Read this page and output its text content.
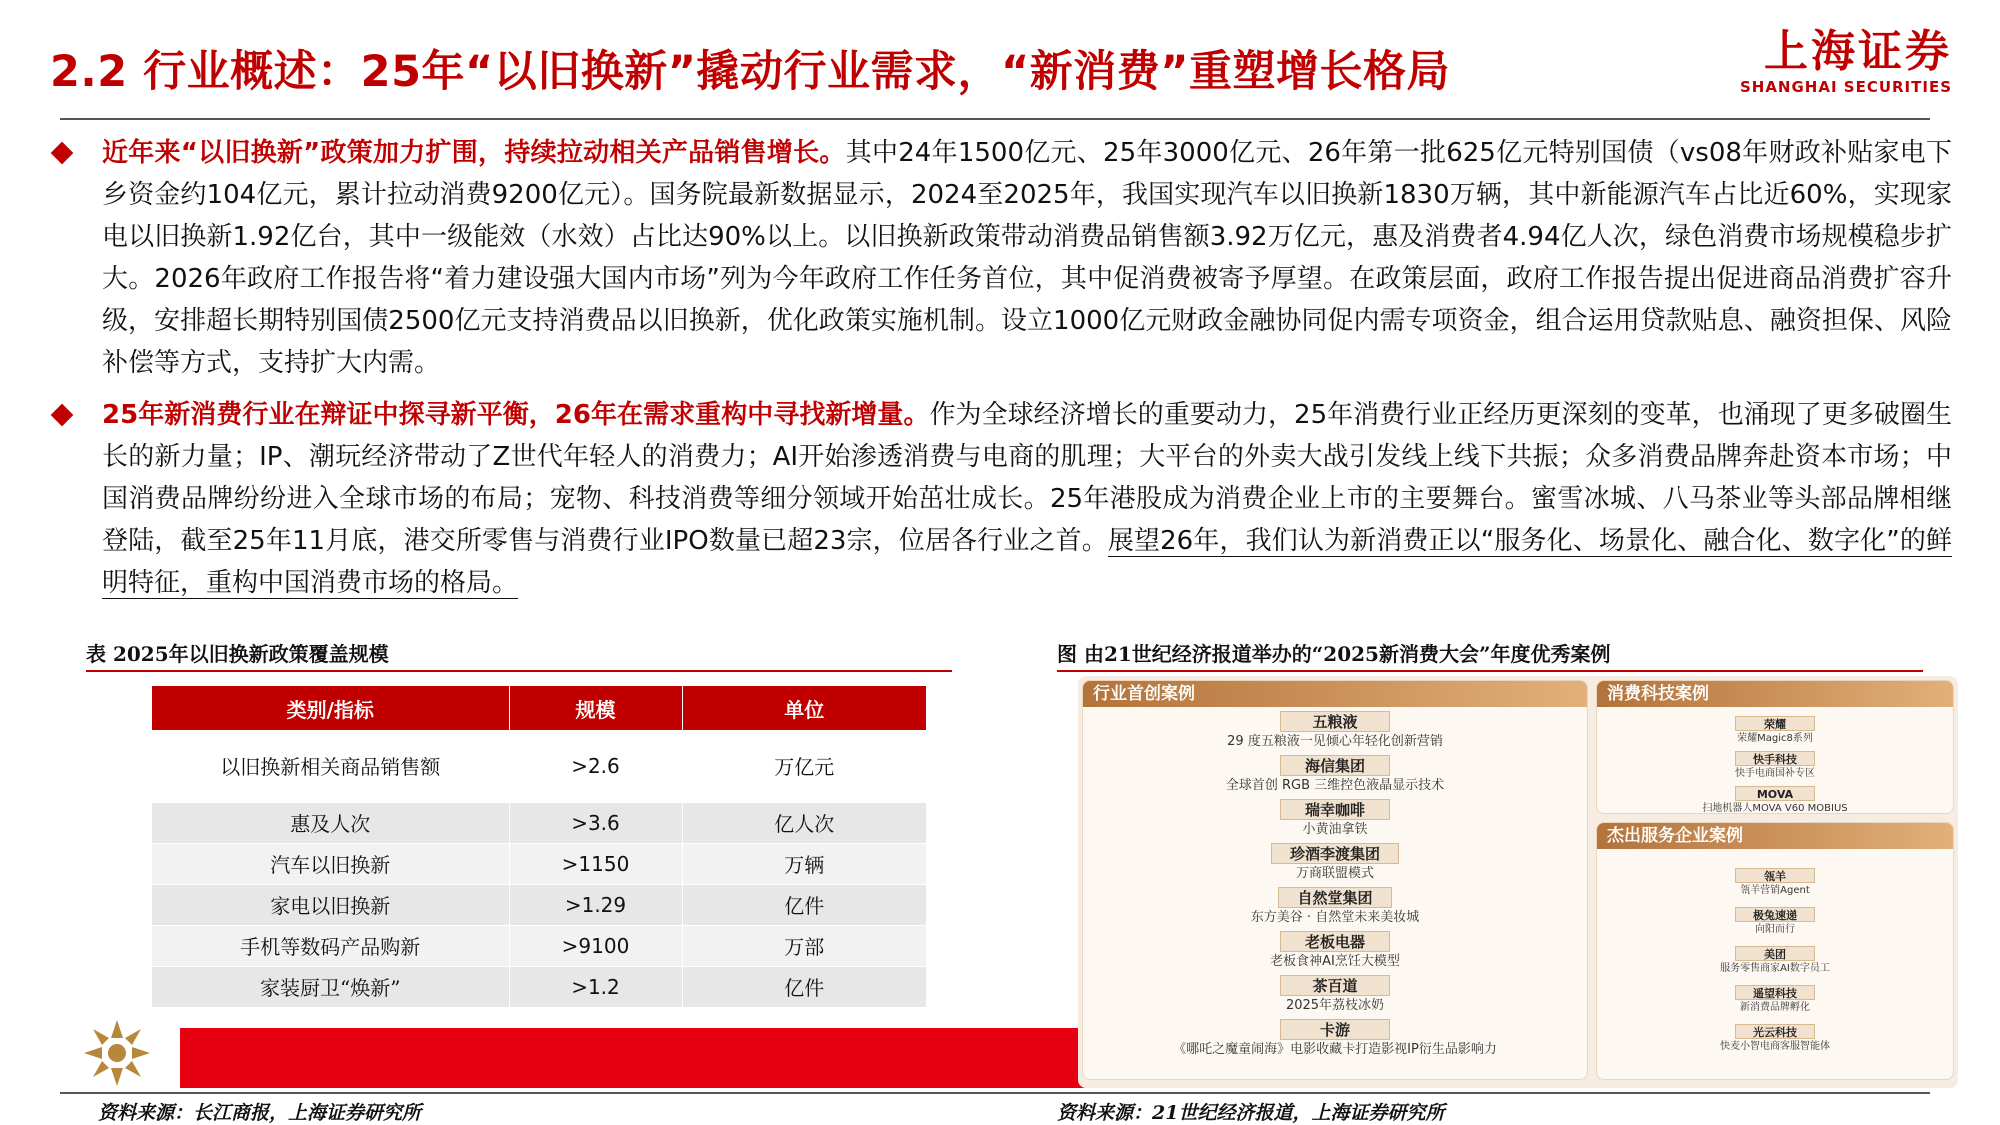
2.2 行业概述：25年“以旧换新”撬动行业需求，“新消费”重塑增长格局	上海证券
SHANGHAI SECURITIES
近年来“以旧换新”政策加力扩围，持续拉动相关产品销售增长。其中24年1500亿元、25年3000亿元、26年第一批625亿元特别国债（vs08年财政补贴家电下乡资金约104亿元，累计拉动消费9200亿元）。国务院最新数据显示，2024至2025年，我国实现汽车以旧换新1830万辆，其中新能源汽车占比近60%，实现家电以旧换新1.92亿台，其中一级能效（水效）占比达90%以上。以旧换新政策带动消费品销售额3.92万亿元，惠及消费者4.94亿人次，绿色消费市场规模稳步扩大。2026年政府工作报告将“着力建设强大国内市场”列为今年政府工作任务首位，其中促消费被寄予厚望。在政策层面，政府工作报告提出促进商品消费扩容升级，安排超长期特别国债2500亿元支持消费品以旧换新，优化政策实施机制。设立1000亿元财政金融协同促内需专项资金，组合运用贷款贴息、融资担保、风险补偿等方式，支持扩大内需。
25年新消费行业在辩证中探寻新平衡，26年在需求重构中寻找新增量。作为全球经济增长的重要动力，25年消费行业正经历更深刻的变革，也涌现了更多破圈生长的新力量；IP、潮玩经济带动了Z世代年轻人的消费力；AI开始渗透消费与电商的肌理；大平台的外卖大战引发线上线下共振；众多消费品牌奔赴资本市场；中国消费品牌纷纷进入全球市场的布局；宠物、科技消费等细分领域开始茁壮成长。25年港股成为消费企业上市的主要舞台。蜜雪冰城、八马茶业等头部品牌相继登陆，截至25年11月底，港交所零售与消费行业IPO数量已超23宗，位居各行业之首。展望26年，我们认为新消费正以“服务化、场景化、融合化、数字化”的鲜明特征，重构中国消费市场的格局。
表 2025年以旧换新政策覆盖规模
类别/指标	规模	单位
以旧换新相关商品销售额	>2.6	万亿元
惠及人次	>3.6	亿人次
汽车以旧换新	>1150	万辆
家电以旧换新	>1.29	亿件
手机等数码产品购新	>9100	万部
家装厨卫“焕新”	>1.2	亿件
图 由21世纪经济报道举办的“2025新消费大会”年度优秀案例
行业首创案例
五粮液
29 度五粮液一见倾心年轻化创新营销
海信集团
全球首创 RGB 三维控色液晶显示技术
瑞幸咖啡
小黄油拿铁
珍酒李渡集团
万商联盟模式
自然堂集团
东方美谷 · 自然堂未来美妆城
老板电器
老板食神AI烹饪大模型
茶百道
2025年荔枝冰奶
卡游
《哪吒之魔童闹海》电影收藏卡打造影视IP衍生品影响力
消费科技案例
荣耀
荣耀Magic8系列
快手科技
快手电商国补专区
MOVA
扫地机器人MOVA V60 MOBIUS
杰出服务企业案例
瓴羊
瓴羊营销Agent
极兔速递
向阳而行
美团
服务零售商家AI数字员工
遥望科技
新消费品牌孵化
光云科技
快麦小智电商客服智能体
资料来源：长江商报，上海证券研究所	资料来源：21世纪经济报道，上海证券研究所
